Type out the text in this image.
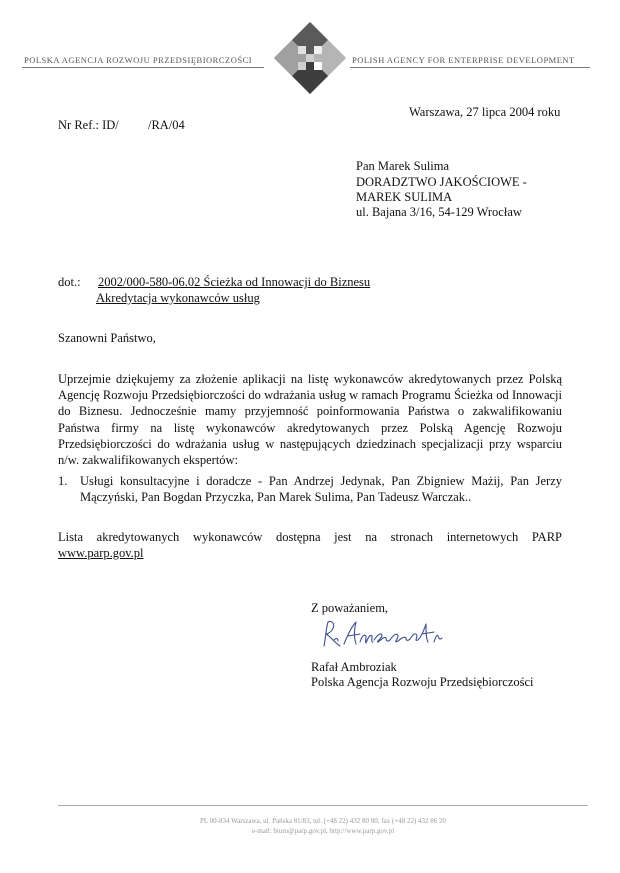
POLSKA AGENCJA ROZWOJU PRZEDSIĘBIORCZOŚCI	POLISH AGENCY FOR ENTERPRISE DEVELOPMENT
Warszawa, 27 lipca 2004 roku
Nr Ref.: ID/ /RA/04
Pan Marek Sulima
DORADZTWO JAKOŚCIOWE -
MAREK SULIMA
ul. Bajana 3/16, 54-129 Wrocław
dot.: 2002/000-580-06.02 Ścieżka od Innowacji do Biznesu
Akredytacja wykonawców usług
Szanowni Państwo,
Uprzejmie dziękujemy za złożenie aplikacji na listę wykonawców akredytowanych przez Polską Agencję Rozwoju Przedsiębiorczości do wdrażania usług w ramach Programu Ścieżka od Innowacji do Biznesu. Jednocześnie mamy przyjemność poinformowania Państwa o zakwalifikowaniu Państwa firmy na listę wykonawców akredytowanych przez Polską Agencję Rozwoju Przedsiębiorczości do wdrażania usług w następujących dziedzinach specjalizacji przy wsparciu n/w. zakwalifikowanych ekspertów:
1. Usługi konsultacyjne i doradcze - Pan Andrzej Jedynak, Pan Zbigniew Mażij, Pan Jerzy Mączyński, Pan Bogdan Przyczka, Pan Marek Sulima, Pan Tadeusz Warczak..
Lista akredytowanych wykonawców dostępna jest na stronach internetowych PARP
www.parp.gov.pl
Z poważaniem,
Rafał Ambroziak
Polska Agencja Rozwoju Przedsiębiorczości
PL 00-834 Warszawa, ul. Pańska 81/83, tel. (+48 22) 432 80 80, fax (+48 22) 432 86 20
e-mail: biuro@parp.gov.pl, http://www.parp.gov.pl
